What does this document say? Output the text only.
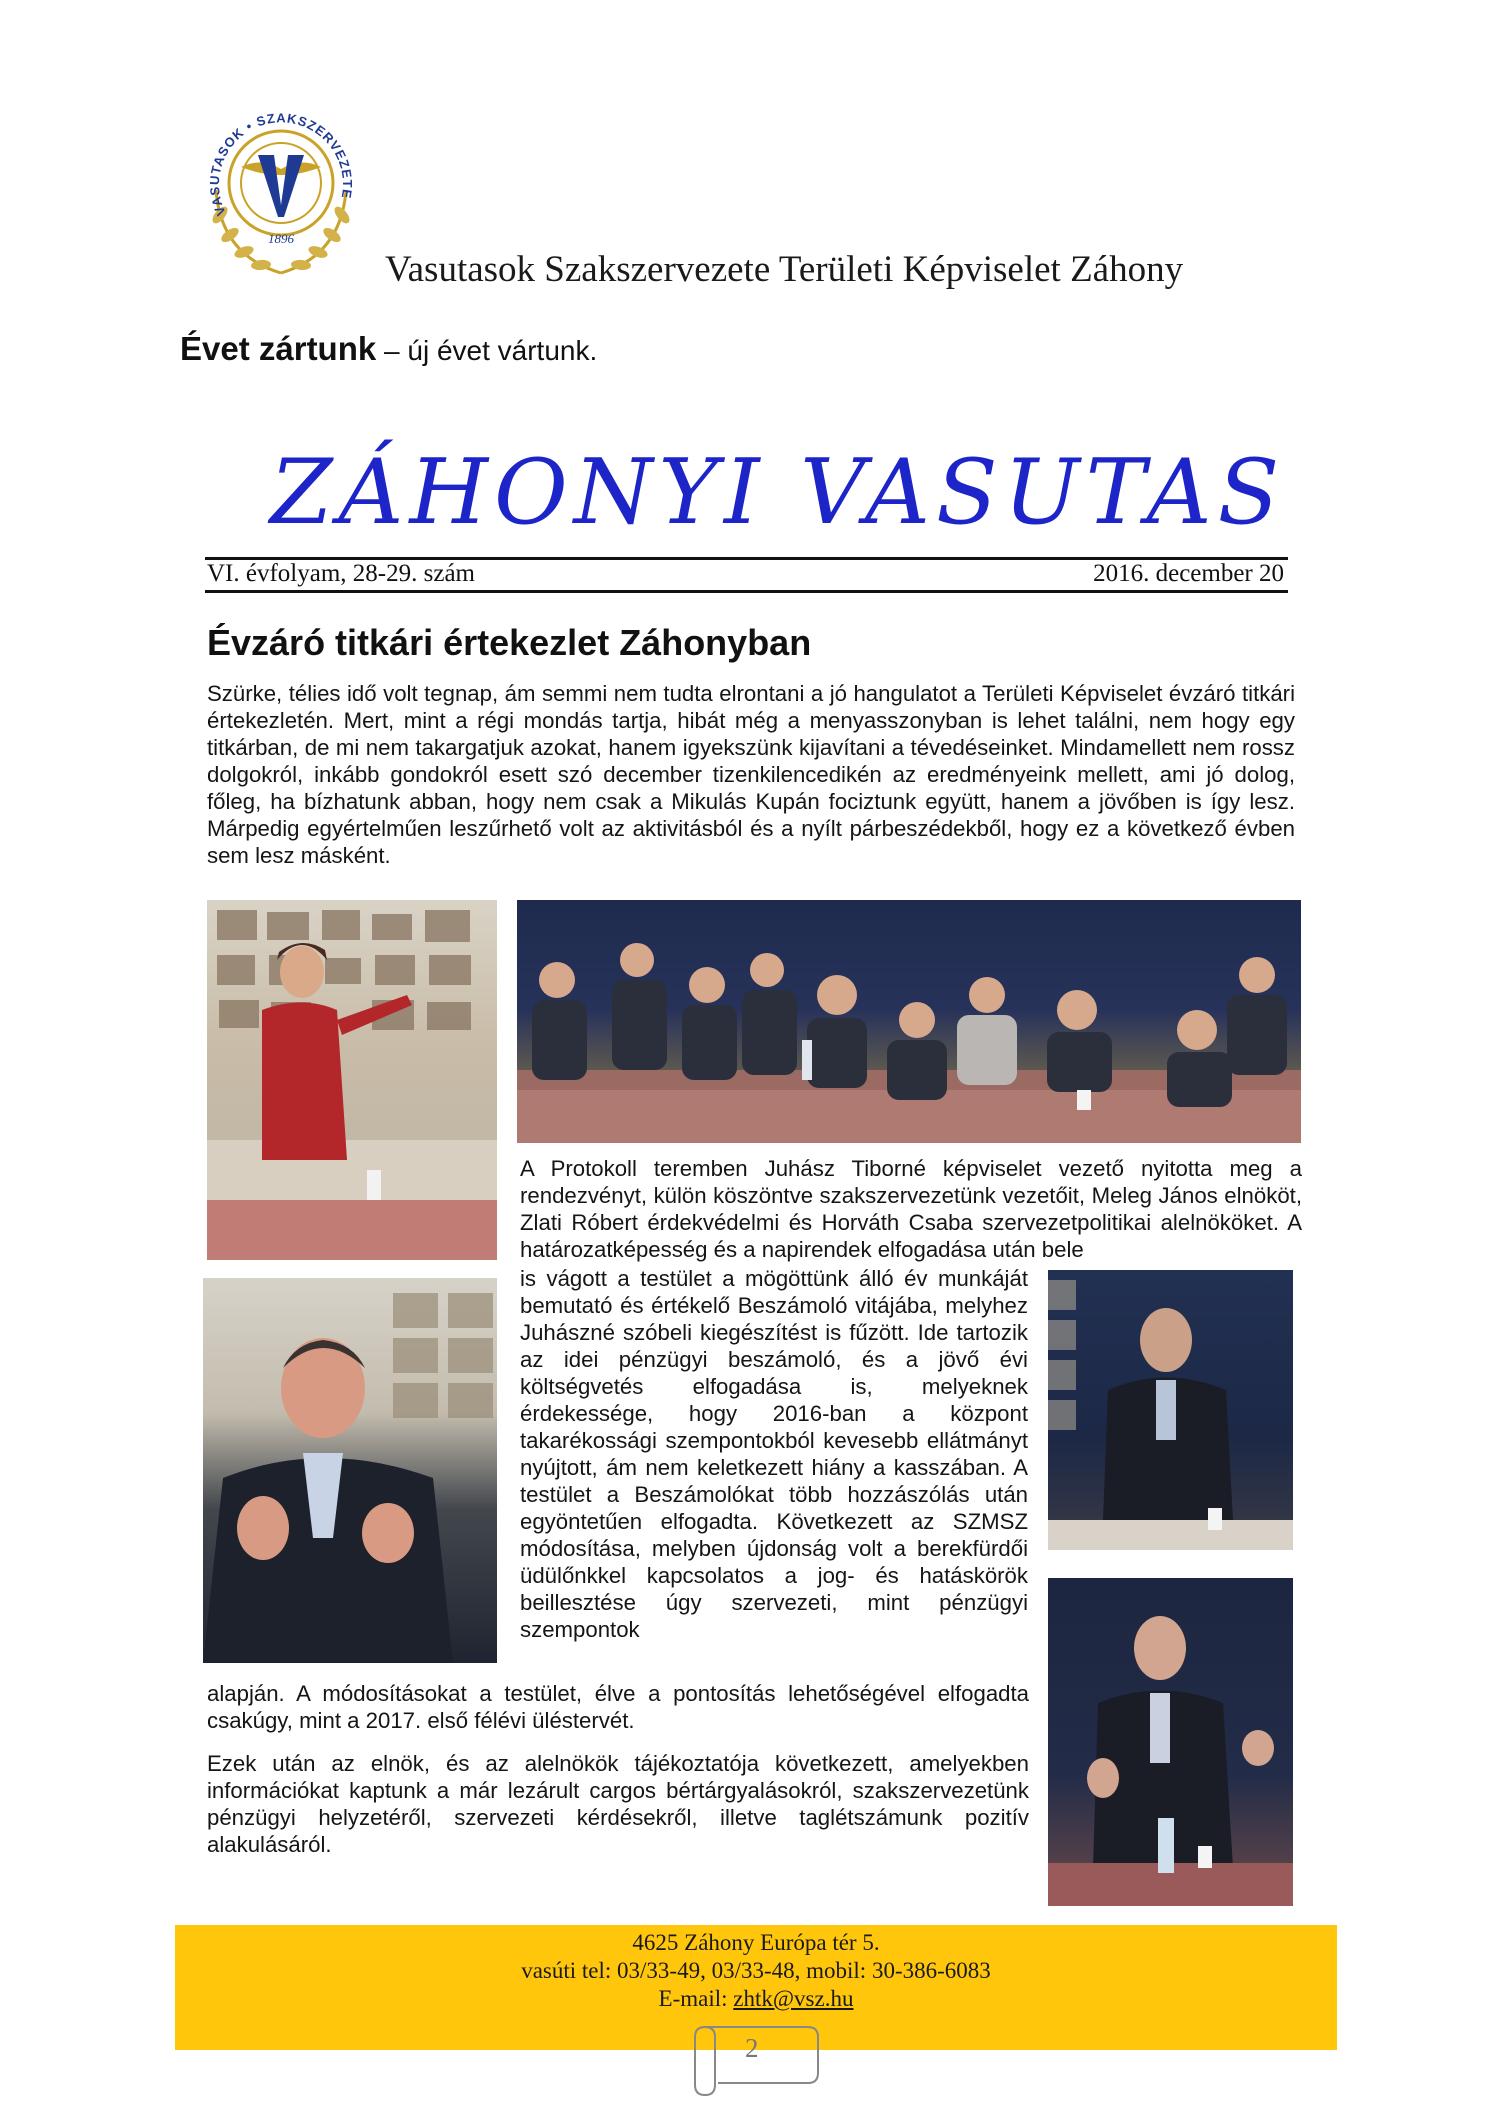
1896
VASUTASOK • SZAKSZERVEZETE
Vasutasok Szakszervezete Területi Képviselet Záhony
Évet zártunk – új évet vártunk.
ZÁHONYI VASUTAS
VI. évfolyam, 28-29. szám	2016. december 20
Évzáró titkári értekezlet Záhonyban
Szürke, télies idő volt tegnap, ám semmi nem tudta elrontani a jó hangulatot a Területi Képviselet évzáró titkári értekezletén. Mert, mint a régi mondás tartja, hibát még a menyasszonyban is lehet találni, nem hogy egy titkárban, de mi nem takargatjuk azokat, hanem igyekszünk kijavítani a tévedéseinket. Mindamellett nem rossz dolgokról, inkább gondokról esett szó december tizenkilencedikén az eredményeink mellett, ami jó dolog, főleg, ha bízhatunk abban, hogy nem csak a Mikulás Kupán fociztunk együtt, hanem a jövőben is így lesz. Márpedig egyértelműen leszűrhető volt az aktivitásból és a nyílt párbeszédekből, hogy ez a következő évben sem lesz másként.
A Protokoll teremben Juhász Tiborné képviselet vezető nyitotta meg a rendezvényt, külön köszöntve szakszervezetünk vezetőit, Meleg János elnököt, Zlati Róbert érdekvédelmi és Horváth Csaba szervezetpolitikai alelnököket. A határozatképesség és a napirendek elfogadása után bele
is vágott a testület a mögöttünk álló év munkáját bemutató és értékelő Beszámoló vitájába, melyhez Juhászné szóbeli kiegészítést is fűzött. Ide tartozik az idei pénzügyi beszámoló, és a jövő évi költségvetés elfogadása is, melyeknek érdekessége, hogy 2016-ban a központ takarékossági szempontokból kevesebb ellátmányt nyújtott, ám nem keletkezett hiány a kasszában. A testület a Beszámolókat több hozzászólás után egyöntetűen elfogadta. Következett az SZMSZ módosítása, melyben újdonság volt a berekfürdői üdülőnkkel kapcsolatos a jog- és hatáskörök beillesztése úgy szervezeti, mint pénzügyi szempontok
alapján. A módosításokat a testület, élve a pontosítás lehetőségével elfogadta csakúgy, mint a 2017. első félévi üléstervét.
Ezek után az elnök, és az alelnökök tájékoztatója következett, amelyekben információkat kaptunk a már lezárult cargos bértárgyalásokról, szakszervezetünk pénzügyi helyzetéről, szervezeti kérdésekről, illetve taglétszámunk pozitív alakulásáról.
4625 Záhony Európa tér 5.
vasúti tel: 03/33-49, 03/33-48, mobil: 30-386-6083
E-mail: zhtk@vsz.hu
2
